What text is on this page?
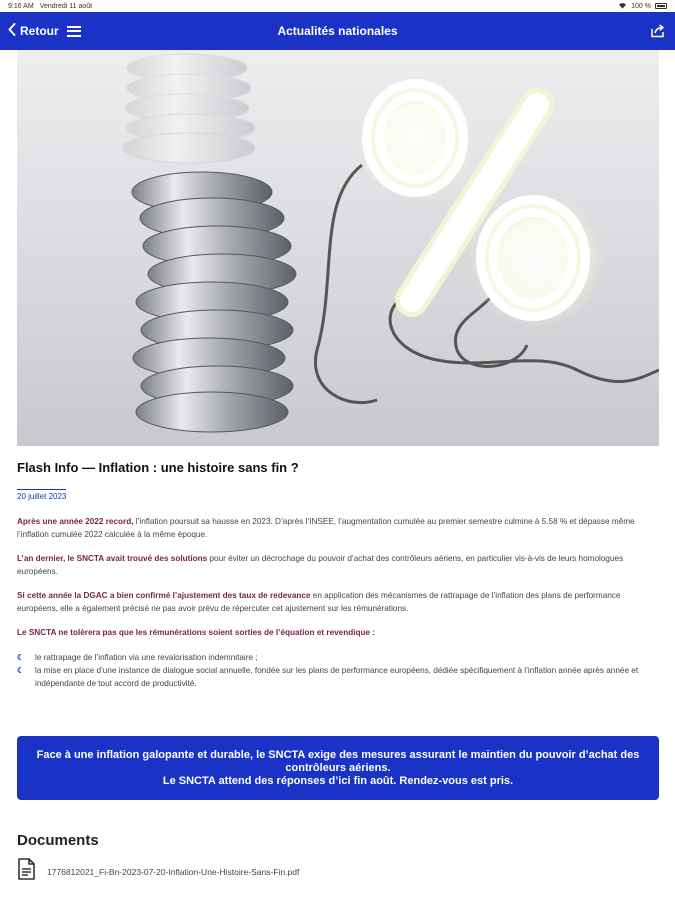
9:16 AM Vendredi 11 août	100 %
Retour	Actualités nationales
Flash Info — Inflation : une histoire sans fin ?
20 juillet 2023

Après une année 2022 record, l’inflation poursuit sa hausse en 2023. D’après l’INSEE, l’augmentation cumulée au premier semestre culmine à 5.58 % et dépasse même l’inflation cumulée 2022 calculée à la même époque.

L’an dernier, le SNCTA avait trouvé des solutions pour éviter un décrochage du pouvoir d’achat des contrôleurs aériens, en particulier vis-à-vis de leurs homologues européens.

Si cette année la DGAC a bien confirmé l’ajustement des taux de redevance en application des mécanismes de rattrapage de l’inflation des plans de performance européens, elle a également précisé ne pas avoir prévu de répercuter cet ajustement sur les rémunérations.

Le SNCTA ne tolèrera pas que les rémunérations soient sorties de l’équation et revendique :

☾	le rattrapage de l’inflation via une revalorisation indemnitaire ;
☾	la mise en place d’une instance de dialogue social annuelle, fondée sur les plans de performance européens, dédiée spécifiquement à l’inflation année après année et indépendante de tout accord de productivité.
Face à une inflation galopante et durable, le SNCTA exige des mesures assurant le maintien du pouvoir d’achat des contrôleurs aériens.
Le SNCTA attend des réponses d’ici fin août. Rendez-vous est pris.
Documents
1776812021_Fi-Bn-2023-07-20-Inflation-Une-Histoire-Sans-Fin.pdf
